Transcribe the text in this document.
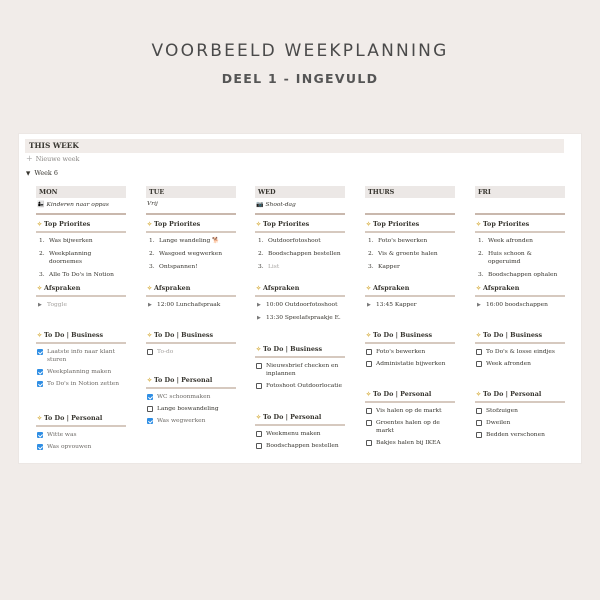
VOORBEELD WEEKPLANNING
DEEL 1 - INGEVULD
THIS WEEK
+ Nieuwe week
▼ Week 6
MON
👩‍👧 Kinderen naar oppas
✧ Top Priorites
1. Was bijwerken
2. Weekplanning doornemes
3. Alle To Do's in Notion
✧ Afspraken
▶ Toggle
✧ To Do | Business
Laatste info naar klant sturen
Weekplanning maken
To Do's in Notion zetten
✧ To Do | Personal
Witte was
Was opvouwen
TUE
Vrij
✧ Top Priorites
1. Lange wandeling 🐕
2. Wasgoed wegwerken
3. Ontspannen!
✧ Afspraken
▶ 12:00 Lunchafspraak
✧ To Do | Business
To-do
✧ To Do | Personal
WC schoonmaken
Lange boswandeling
Was wegwerken
WED
📷 Shoot-dag
✧ Top Priorites
1. Outdoorfotoshoot
2. Boodschappen bestellen
3. List
✧ Afspraken
▶ 10:00 Outdoorfotoshoot
▶ 13:30 Speelafspraakje E.
✧ To Do | Business
Nieuwsbrief checken en inplannen
Fotoshoot Outdoorlocatie
✧ To Do | Personal
Weekmenu maken
Boodschappen bestellen
THURS
✧ Top Priorites
1. Foto's bewerken
2. Vis & groente halen
3. Kapper
✧ Afspraken
▶ 13:45 Kapper
✧ To Do | Business
Foto's bewerken
Administatie bijwerken
✧ To Do | Personal
Vis halen op de markt
Groentes halen op de markt
Bakjes halen bij IKEA
FRI
✧ Top Priorites
1. Week afronden
2. Huis schoon & opgeruimd
3. Boodschappen ophalen
✧ Afspraken
▶ 16:00 boodschappen
✧ To Do | Business
To Do's & losse eindjes
Week afronden
✧ To Do | Personal
Stofzuigen
Dweilen
Bedden verschonen
